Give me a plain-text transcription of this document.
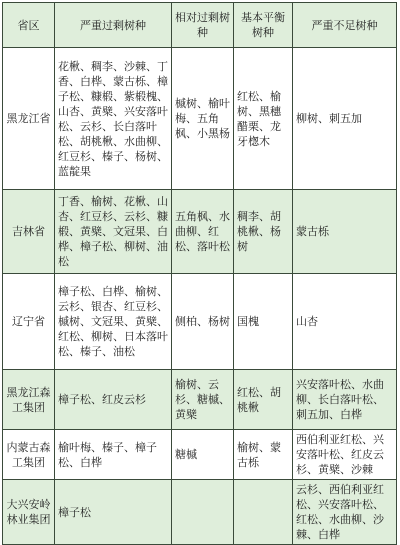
省区	严重过剩树种	相对过剩树种	基本平衡树种	严重不足树种
黑龙江省	花楸、稠李、沙棘、丁香、白桦、蒙古栎、樟子松、糠椴、紫椴槐、山杏、黄檗、兴安落叶松、云杉、长白落叶松、胡桃楸、水曲柳、红豆杉、榛子、杨树、蓝靛果	槭树、榆叶梅、五角枫、小黑杨	红松、榆树、黑穗醋栗、龙牙楤木	柳树、刺五加
吉林省	丁香、榆树、花楸、山杏、红豆杉、云杉、糠椴、黄檗、文冠果、白桦、樟子松、柳树、油松	五角枫、水曲柳、红松、落叶松	稠李、胡桃楸、杨树	蒙古栎
辽宁省	樟子松、白桦、榆树、云杉、银杏、红豆杉、槭树、文冠果、黄檗、红松、柳树、日本落叶松、榛子、油松	侧柏、杨树	国槐	山杏
黑龙江森工集团	樟子松、红皮云杉	榆树、云杉、糖槭、黄檗	红松、胡桃楸	兴安落叶松、水曲柳、长白落叶松、刺五加、白桦
内蒙古森工集团	榆叶梅、榛子、樟子松、白桦	糖槭	榆树、蒙古栎	西伯利亚红松、兴安落叶松、红皮云杉、黄檗、沙棘
大兴安岭林业集团	樟子松			云杉、西伯利亚红松、兴安落叶松、红松、水曲柳、沙棘、白桦
